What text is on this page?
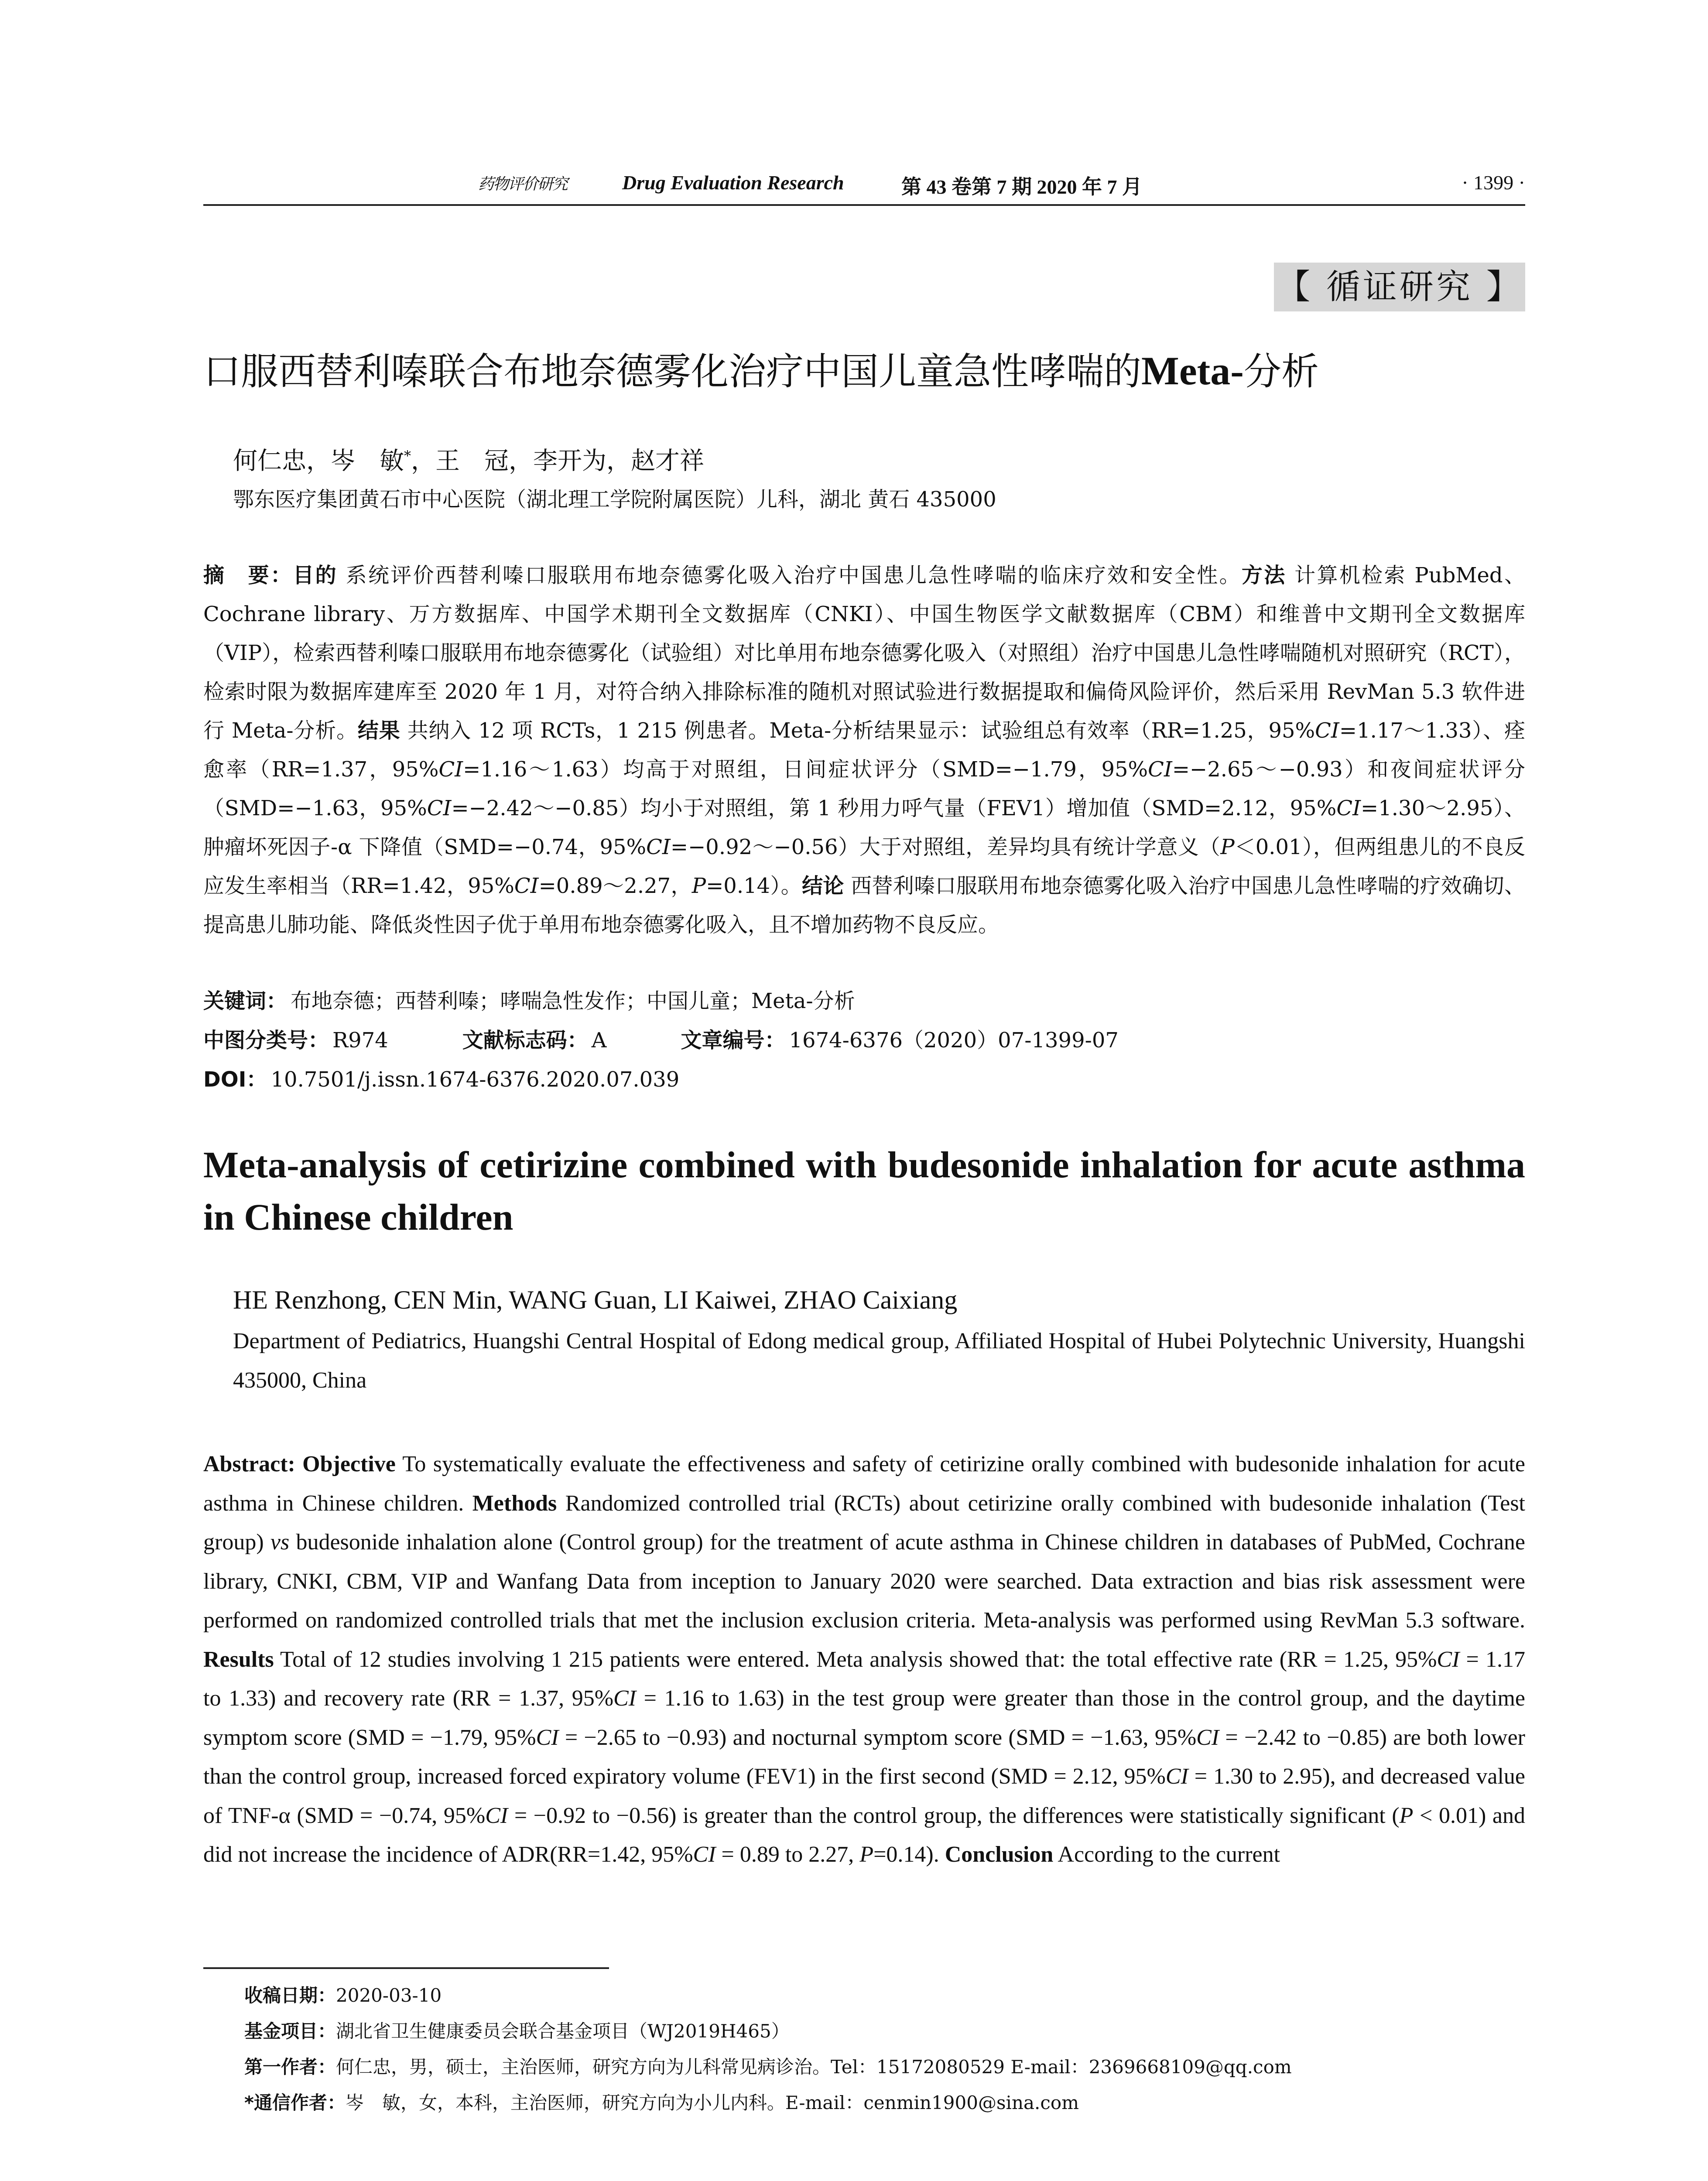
药物评价研究	Drug Evaluation Research	第 43 卷第 7 期 2020 年 7 月	· 1399 ·
【 循证研究 】
口服西替利嗪联合布地奈德雾化治疗中国儿童急性哮喘的Meta-分析
何仁忠，岑　敏*，王　冠，李开为，赵才祥
鄂东医疗集团黄石市中心医院（湖北理工学院附属医院）儿科，湖北 黄石 435000
摘　要：目的 系统评价西替利嗪口服联用布地奈德雾化吸入治疗中国患儿急性哮喘的临床疗效和安全性。方法 计算机检索 PubMed、Cochrane library、万方数据库、中国学术期刊全文数据库（CNKI）、中国生物医学文献数据库（CBM）和维普中文期刊全文数据库（VIP），检索西替利嗪口服联用布地奈德雾化（试验组）对比单用布地奈德雾化吸入（对照组）治疗中国患儿急性哮喘随机对照研究（RCT），检索时限为数据库建库至 2020 年 1 月，对符合纳入排除标准的随机对照试验进行数据提取和偏倚风险评价，然后采用 RevMan 5.3 软件进行 Meta-分析。结果 共纳入 12 项 RCTs，1 215 例患者。Meta-分析结果显示：试验组总有效率（RR=1.25，95%CI=1.17～1.33）、痊愈率（RR=1.37，95%CI=1.16～1.63）均高于对照组，日间症状评分（SMD=−1.79，95%CI=−2.65～−0.93）和夜间症状评分（SMD=−1.63，95%CI=−2.42～−0.85）均小于对照组，第 1 秒用力呼气量（FEV1）增加值（SMD=2.12，95%CI=1.30～2.95）、肿瘤坏死因子-α 下降值（SMD=−0.74，95%CI=−0.92～−0.56）大于对照组，差异均具有统计学意义（P＜0.01），但两组患儿的不良反应发生率相当（RR=1.42，95%CI=0.89～2.27，P=0.14）。结论 西替利嗪口服联用布地奈德雾化吸入治疗中国患儿急性哮喘的疗效确切、提高患儿肺功能、降低炎性因子优于单用布地奈德雾化吸入，且不增加药物不良反应。
关键词： 布地奈德；西替利嗪；哮喘急性发作；中国儿童；Meta-分析
中图分类号： R974	文献标志码： A	文章编号： 1674-6376（2020）07-1399-07
DOI： 10.7501/j.issn.1674-6376.2020.07.039
Meta-analysis of cetirizine combined with budesonide inhalation for acute asthma in Chinese children
HE Renzhong, CEN Min, WANG Guan, LI Kaiwei, ZHAO Caixiang
Department of Pediatrics, Huangshi Central Hospital of Edong medical group, Affiliated Hospital of Hubei Polytechnic University, Huangshi 435000, China
Abstract: Objective To systematically evaluate the effectiveness and safety of cetirizine orally combined with budesonide inhalation for acute asthma in Chinese children. Methods Randomized controlled trial (RCTs) about cetirizine orally combined with budesonide inhalation (Test group) vs budesonide inhalation alone (Control group) for the treatment of acute asthma in Chinese children in databases of PubMed, Cochrane library, CNKI, CBM, VIP and Wanfang Data from inception to January 2020 were searched. Data extraction and bias risk assessment were performed on randomized controlled trials that met the inclusion exclusion criteria. Meta-analysis was performed using RevMan 5.3 software. Results Total of 12 studies involving 1 215 patients were entered. Meta analysis showed that: the total effective rate (RR = 1.25, 95%CI = 1.17 to 1.33) and recovery rate (RR = 1.37, 95%CI = 1.16 to 1.63) in the test group were greater than those in the control group, and the daytime symptom score (SMD = −1.79, 95%CI = −2.65 to −0.93) and nocturnal symptom score (SMD = −1.63, 95%CI = −2.42 to −0.85) are both lower than the control group, increased forced expiratory volume (FEV1) in the first second (SMD = 2.12, 95%CI = 1.30 to 2.95), and decreased value of TNF-α (SMD = −0.74, 95%CI = −0.92 to −0.56) is greater than the control group, the differences were statistically significant (P < 0.01) and did not increase the incidence of ADR(RR=1.42, 95%CI = 0.89 to 2.27, P=0.14). Conclusion According to the current
收稿日期：2020-03-10
基金项目：湖北省卫生健康委员会联合基金项目（WJ2019H465）
第一作者：何仁忠，男，硕士，主治医师，研究方向为儿科常见病诊治。Tel：15172080529 E-mail：2369668109@qq.com
*通信作者：岑　敏，女，本科，主治医师，研究方向为小儿内科。E-mail：cenmin1900@sina.com
